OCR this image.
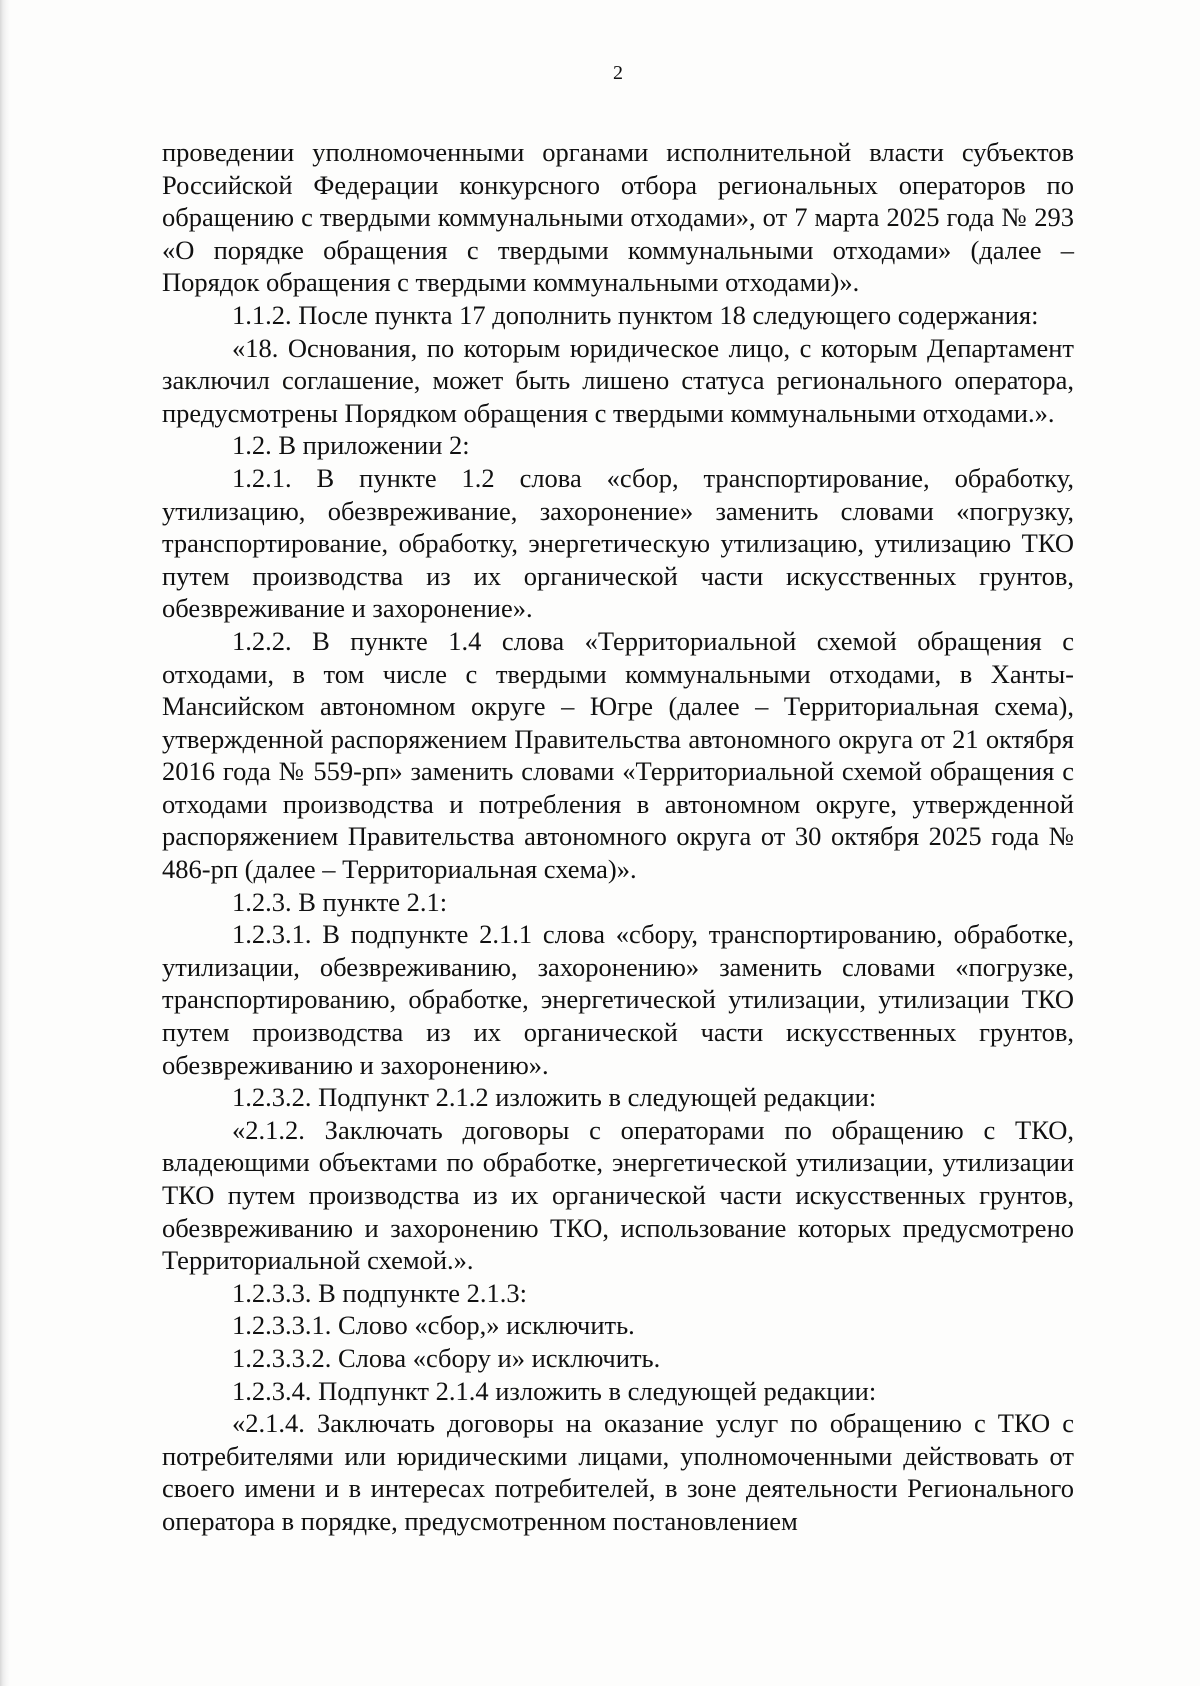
2

проведении уполномоченными органами исполнительной власти субъектов Российской Федерации конкурсного отбора региональных операторов по обращению с твердыми коммунальными отходами», от 7 марта 2025 года № 293 «О порядке обращения с твердыми коммунальными отходами» (далее – Порядок обращения с твердыми коммунальными отходами)».

1.1.2. После пункта 17 дополнить пунктом 18 следующего содержания:

«18. Основания, по которым юридическое лицо, с которым Департамент заключил соглашение, может быть лишено статуса регионального оператора, предусмотрены Порядком обращения с твердыми коммунальными отходами.».

1.2. В приложении 2:

1.2.1. В пункте 1.2 слова «сбор, транспортирование, обработку, утилизацию, обезвреживание, захоронение» заменить словами «погрузку, транспортирование, обработку, энергетическую утилизацию, утилизацию ТКО путем производства из их органической части искусственных грунтов, обезвреживание и захоронение».

1.2.2. В пункте 1.4 слова «Территориальной схемой обращения с отходами, в том числе с твердыми коммунальными отходами, в Ханты-Мансийском автономном округе – Югре (далее – Территориальная схема), утвержденной распоряжением Правительства автономного округа от 21 октября 2016 года № 559-рп» заменить словами «Территориальной схемой обращения с отходами производства и потребления в автономном округе, утвержденной распоряжением Правительства автономного округа от 30 октября 2025 года № 486-рп (далее – Территориальная схема)».

1.2.3. В пункте 2.1:

1.2.3.1. В подпункте 2.1.1 слова «сбору, транспортированию, обработке, утилизации, обезвреживанию, захоронению» заменить словами «погрузке, транспортированию, обработке, энергетической утилизации, утилизации ТКО путем производства из их органической части искусственных грунтов, обезвреживанию и захоронению».

1.2.3.2. Подпункт 2.1.2 изложить в следующей редакции:

«2.1.2. Заключать договоры с операторами по обращению с ТКО, владеющими объектами по обработке, энергетической утилизации, утилизации ТКО путем производства из их органической части искусственных грунтов, обезвреживанию и захоронению ТКО, использование которых предусмотрено Территориальной схемой.».

1.2.3.3. В подпункте 2.1.3:

1.2.3.3.1. Слово «сбор,» исключить.

1.2.3.3.2. Слова «сбору и» исключить.

1.2.3.4. Подпункт 2.1.4 изложить в следующей редакции:

«2.1.4. Заключать договоры на оказание услуг по обращению с ТКО с потребителями или юридическими лицами, уполномоченными действовать от своего имени и в интересах потребителей, в зоне деятельности Регионального оператора в порядке, предусмотренном постановлением
